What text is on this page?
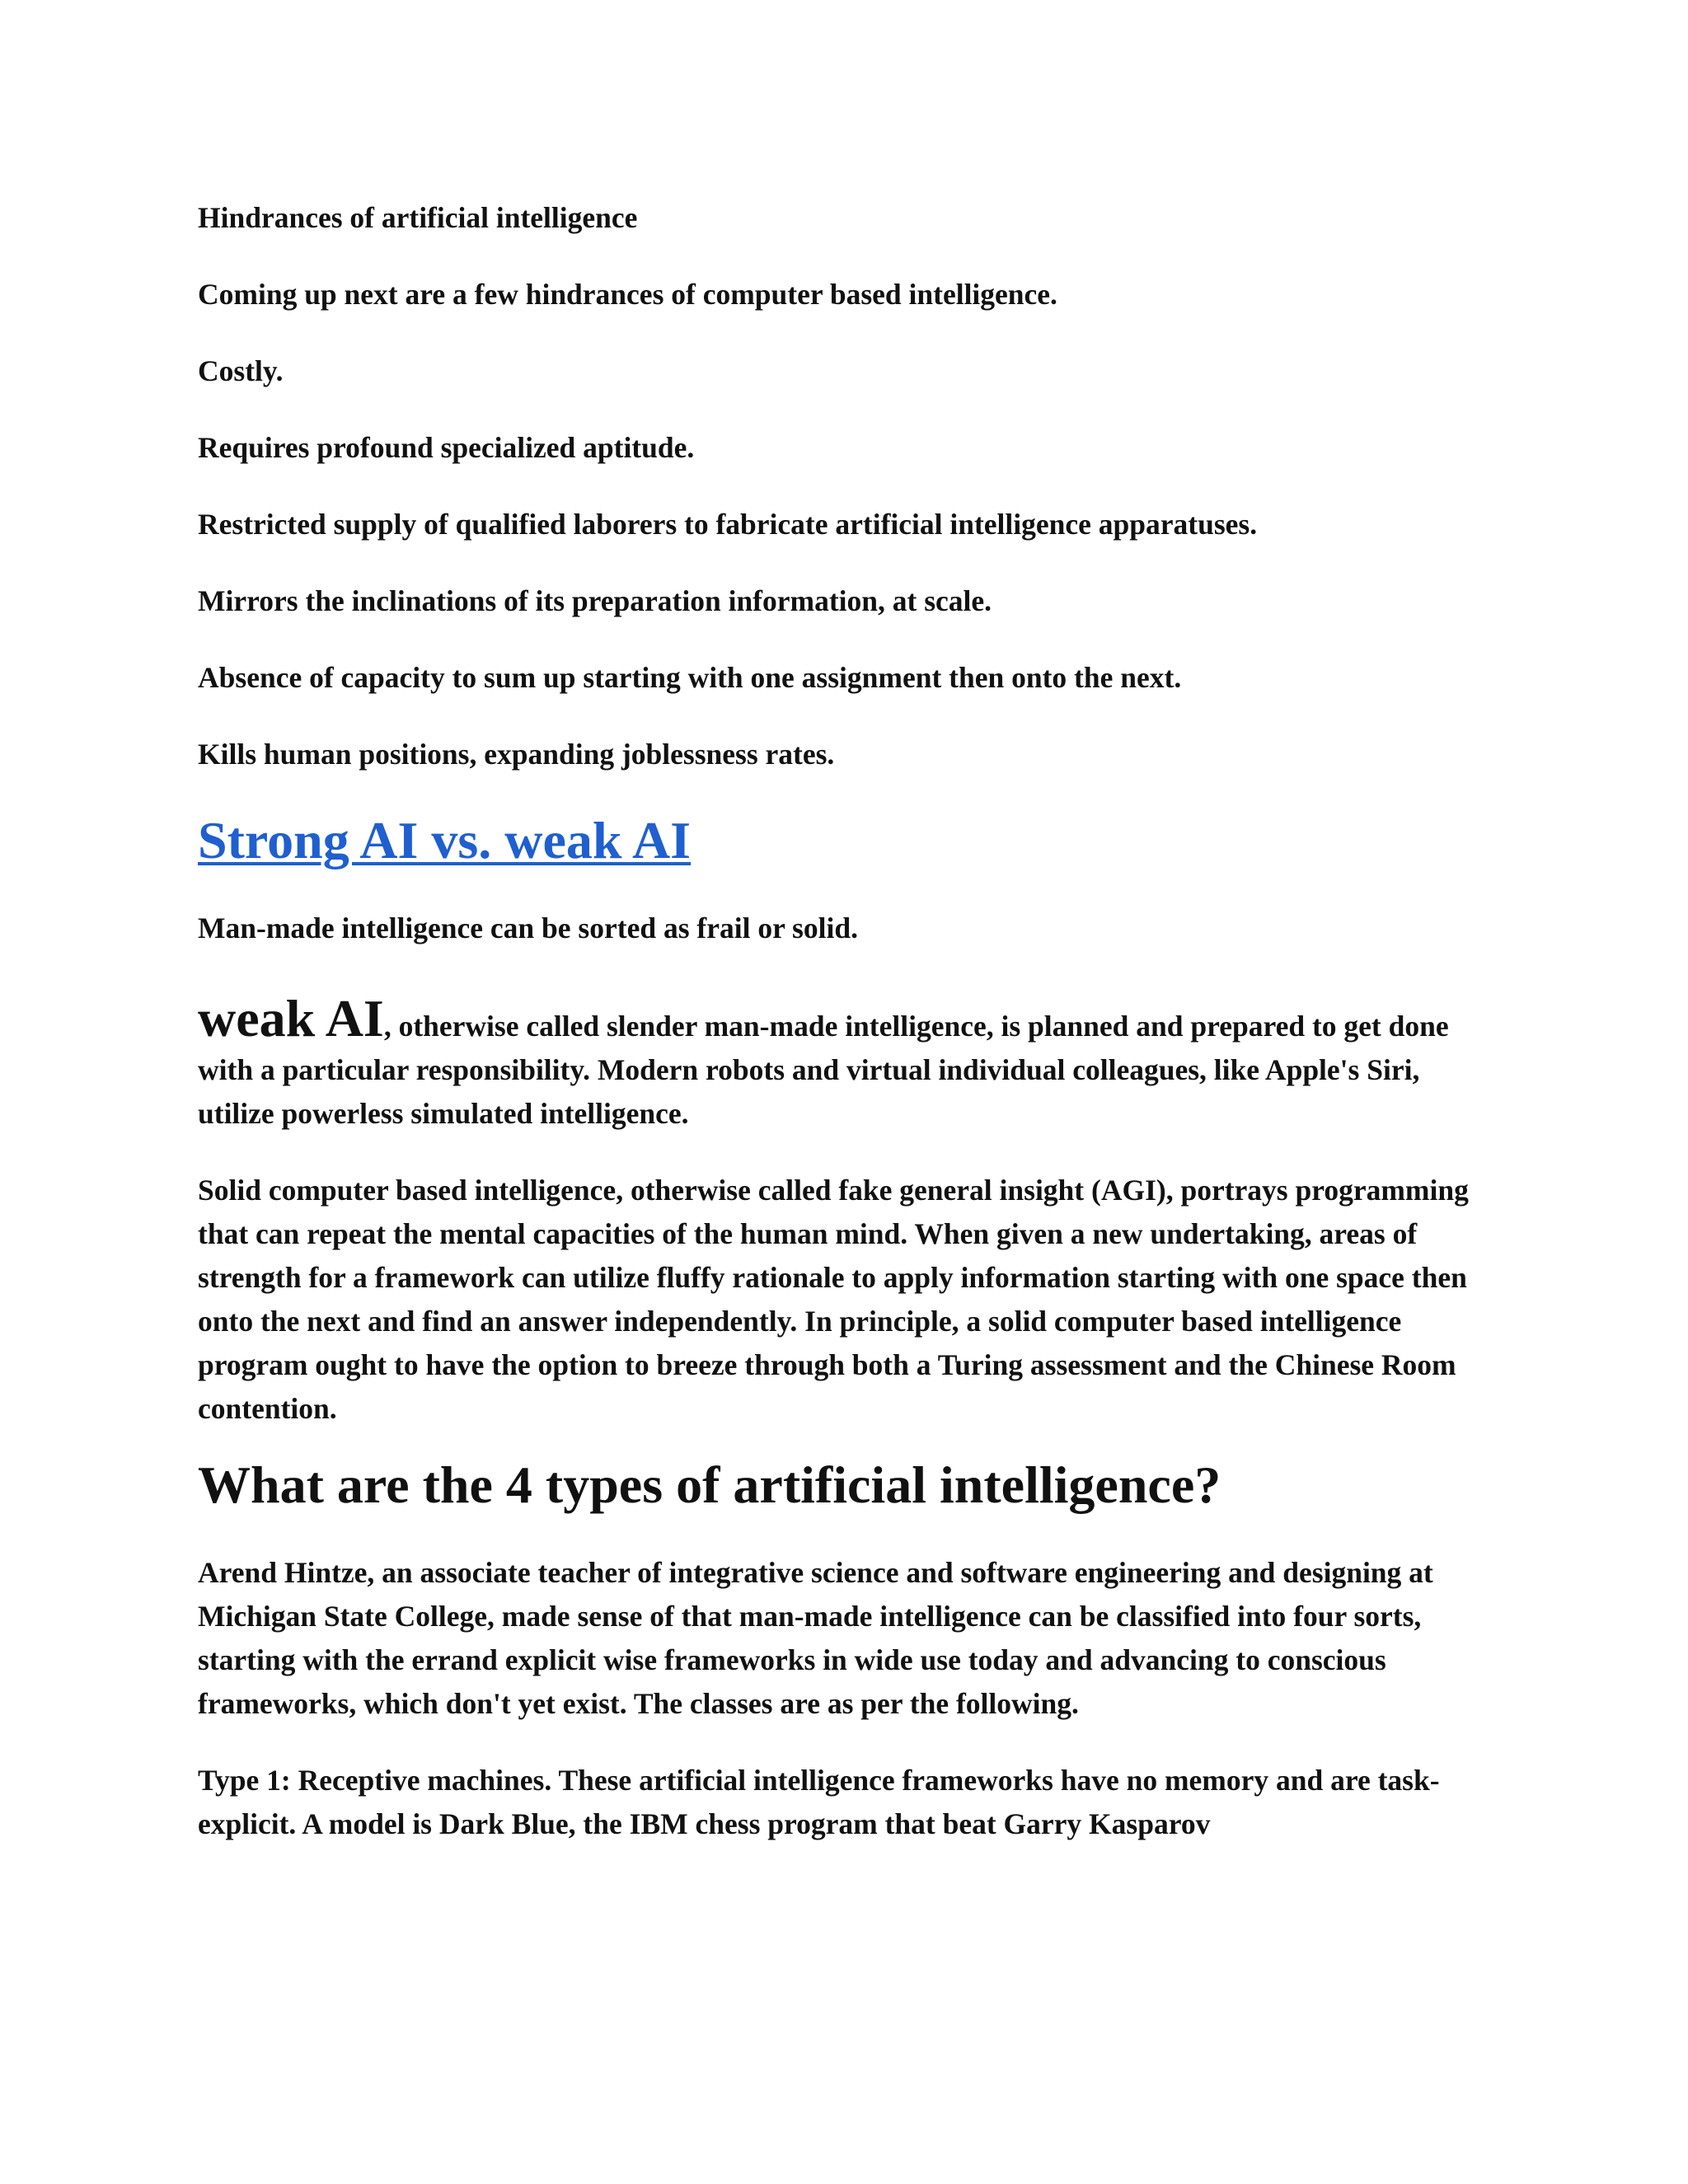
Hindrances of artificial intelligence

Coming up next are a few hindrances of computer based intelligence.

Costly.

Requires profound specialized aptitude.

Restricted supply of qualified laborers to fabricate artificial intelligence apparatuses.

Mirrors the inclinations of its preparation information, at scale.

Absence of capacity to sum up starting with one assignment then onto the next.

Kills human positions, expanding joblessness rates.

Strong AI vs. weak AI

Man-made intelligence can be sorted as frail or solid.

weak AI, otherwise called slender man-made intelligence, is planned and prepared to get done with a particular responsibility. Modern robots and virtual individual colleagues, like Apple's Siri, utilize powerless simulated intelligence.

Solid computer based intelligence, otherwise called fake general insight (AGI), portrays programming that can repeat the mental capacities of the human mind. When given a new undertaking, areas of strength for a framework can utilize fluffy rationale to apply information starting with one space then onto the next and find an answer independently. In principle, a solid computer based intelligence program ought to have the option to breeze through both a Turing assessment and the Chinese Room contention.

What are the 4 types of artificial intelligence?

Arend Hintze, an associate teacher of integrative science and software engineering and designing at Michigan State College, made sense of that man-made intelligence can be classified into four sorts, starting with the errand explicit wise frameworks in wide use today and advancing to conscious frameworks, which don't yet exist. The classes are as per the following.

Type 1: Receptive machines. These artificial intelligence frameworks have no memory and are task-explicit. A model is Dark Blue, the IBM chess program that beat Garry Kasparov
